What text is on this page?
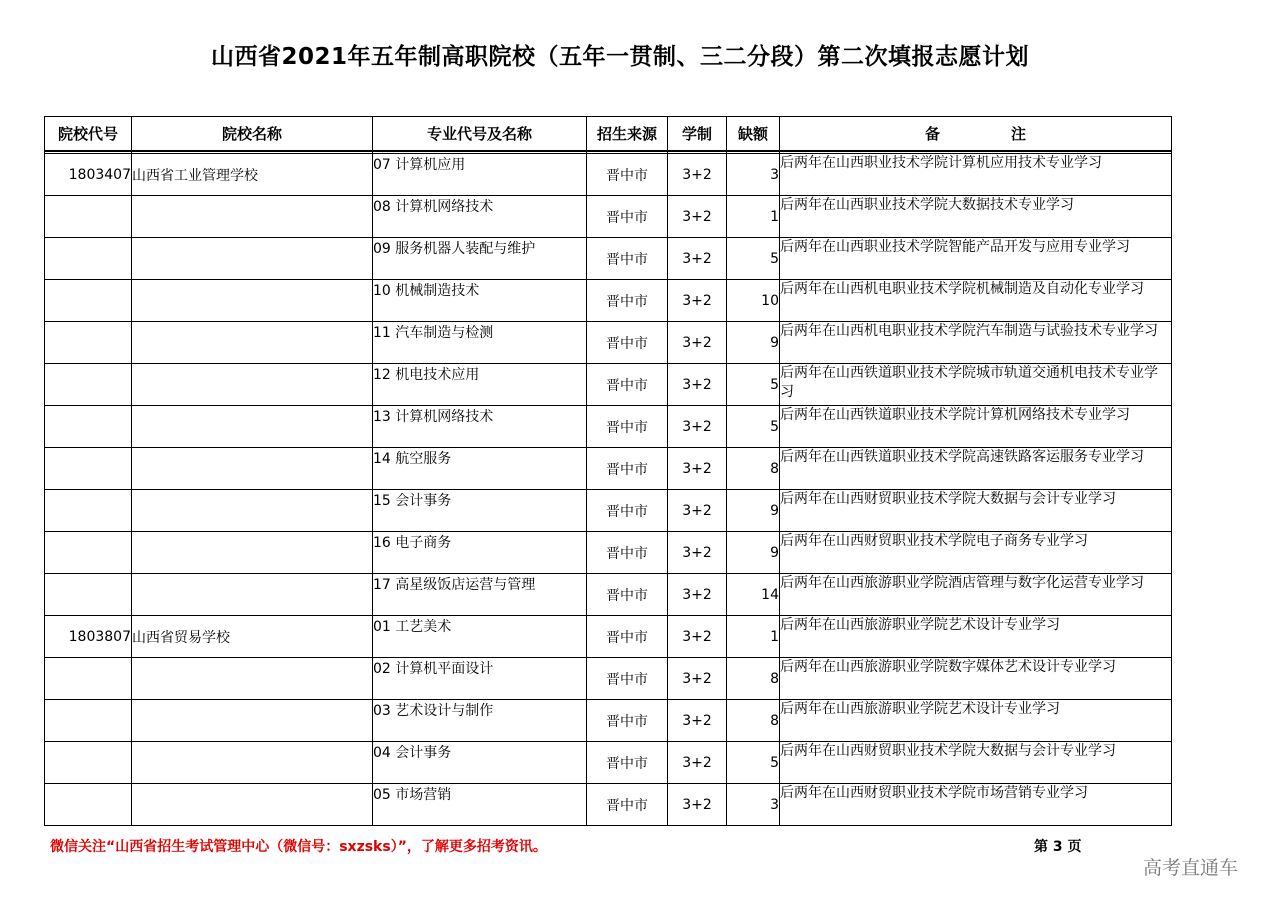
山西省2021年五年制高职院校（五年一贯制、三二分段）第二次填报志愿计划
院校代号	院校名称	专业代号及名称	招生来源	学制	缺额	备　注

1803407	山西省工业管理学校	07 计算机应用	晋中市	3+2	3	后两年在山西职业技术学院计算机应用技术专业学习
		08 计算机网络技术	晋中市	3+2	1	后两年在山西职业技术学院大数据技术专业学习
		09 服务机器人装配与维护	晋中市	3+2	5	后两年在山西职业技术学院智能产品开发与应用专业学习
		10 机械制造技术	晋中市	3+2	10	后两年在山西机电职业技术学院机械制造及自动化专业学习
		11 汽车制造与检测	晋中市	3+2	9	后两年在山西机电职业技术学院汽车制造与试验技术专业学习
		12 机电技术应用	晋中市	3+2	5	后两年在山西铁道职业技术学院城市轨道交通机电技术专业学习
		13 计算机网络技术	晋中市	3+2	5	后两年在山西铁道职业技术学院计算机网络技术专业学习
		14 航空服务	晋中市	3+2	8	后两年在山西铁道职业技术学院高速铁路客运服务专业学习
		15 会计事务	晋中市	3+2	9	后两年在山西财贸职业技术学院大数据与会计专业学习
		16 电子商务	晋中市	3+2	9	后两年在山西财贸职业技术学院电子商务专业学习
		17 高星级饭店运营与管理	晋中市	3+2	14	后两年在山西旅游职业学院酒店管理与数字化运营专业学习
1803807	山西省贸易学校	01 工艺美术	晋中市	3+2	1	后两年在山西旅游职业学院艺术设计专业学习
		02 计算机平面设计	晋中市	3+2	8	后两年在山西旅游职业学院数字媒体艺术设计专业学习
		03 艺术设计与制作	晋中市	3+2	8	后两年在山西旅游职业学院艺术设计专业学习
		04 会计事务	晋中市	3+2	5	后两年在山西财贸职业技术学院大数据与会计专业学习
		05 市场营销	晋中市	3+2	3	后两年在山西财贸职业技术学院市场营销专业学习
微信关注“山西省招生考试管理中心（微信号：sxzsks）”，了解更多招考资讯。	第 3 页
高考直通车
